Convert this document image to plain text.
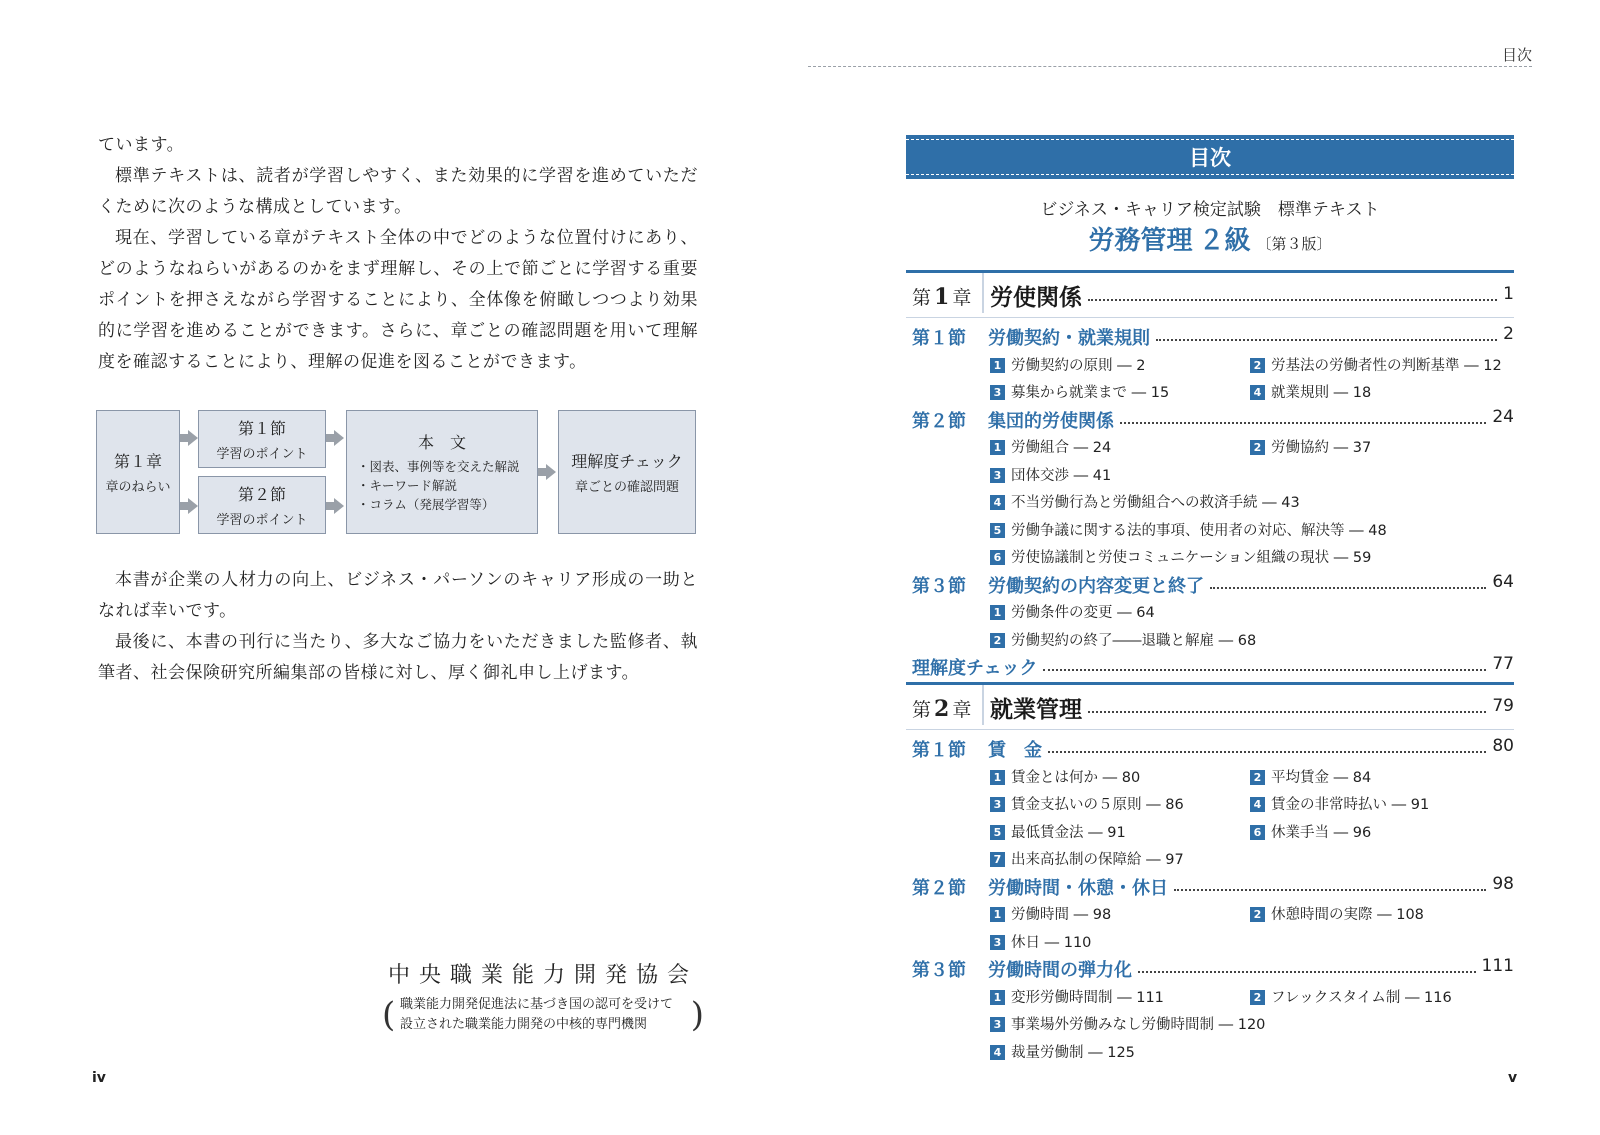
ています。

標準テキストは、読者が学習しやすく、また効果的に学習を進めていただくために次のような構成としています。

現在、学習している章がテキスト全体の中でどのような位置付けにあり、どのようなねらいがあるのかをまず理解し、その上で節ごとに学習する重要ポイントを押さえながら学習することにより、全体像を俯瞰しつつより効果的に学習を進めることができます。さらに、章ごとの確認問題を用いて理解度を確認することにより、理解の促進を図ることができます。

第１章
章のねらい
第１節
学習のポイント
第２節
学習のポイント
本　文
・図表、事例等を交えた解説
・キーワード解説
・コラム（発展学習等）
理解度チェック
章ごとの確認問題

本書が企業の人材力の向上、ビジネス・パーソンのキャリア形成の一助となれば幸いです。

最後に、本書の刊行に当たり、多大なご協力をいただきました監修者、執筆者、社会保険研究所編集部の皆様に対し、厚く御礼申し上げます。

中央職業能力開発協会
( 職業能力開発促進法に基づき国の認可を受けて
設立された職業能力開発の中核的専門機関	)
iv
目次
目次
ビジネス・キャリア検定試験　標準テキスト
労務管理 ２級 〔第３版〕
第 1 章 労使関係	1
第１節 労働契約・就業規則	2
1 労働契約の原則 ― 2	2 労基法の労働者性の判断基準 ― 12
3 募集から就業まで ― 15	4 就業規則 ― 18
第２節 集団的労使関係	24
1 労働組合 ― 24	2 労働協約 ― 37
3 団体交渉 ― 41
4 不当労働行為と労働組合への救済手続 ― 43
5 労働争議に関する法的事項、使用者の対応、解決等 ― 48
6 労使協議制と労使コミュニケーション組織の現状 ― 59
第３節 労働契約の内容変更と終了	64
1 労働条件の変更 ― 64
2 労働契約の終了――退職と解雇 ― 68
理解度チェック	77
第 2 章 就業管理	79
第１節 賃　金	80
1 賃金とは何か ― 80	2 平均賃金 ― 84
3 賃金支払いの５原則 ― 86	4 賃金の非常時払い ― 91
5 最低賃金法 ― 91	6 休業手当 ― 96
7 出来高払制の保障給 ― 97
第２節 労働時間・休憩・休日	98
1 労働時間 ― 98	2 休憩時間の実際 ― 108
3 休日 ― 110
第３節 労働時間の弾力化	111
1 変形労働時間制 ― 111	2 フレックスタイム制 ― 116
3 事業場外労働みなし労働時間制 ― 120
4 裁量労働制 ― 125
v
